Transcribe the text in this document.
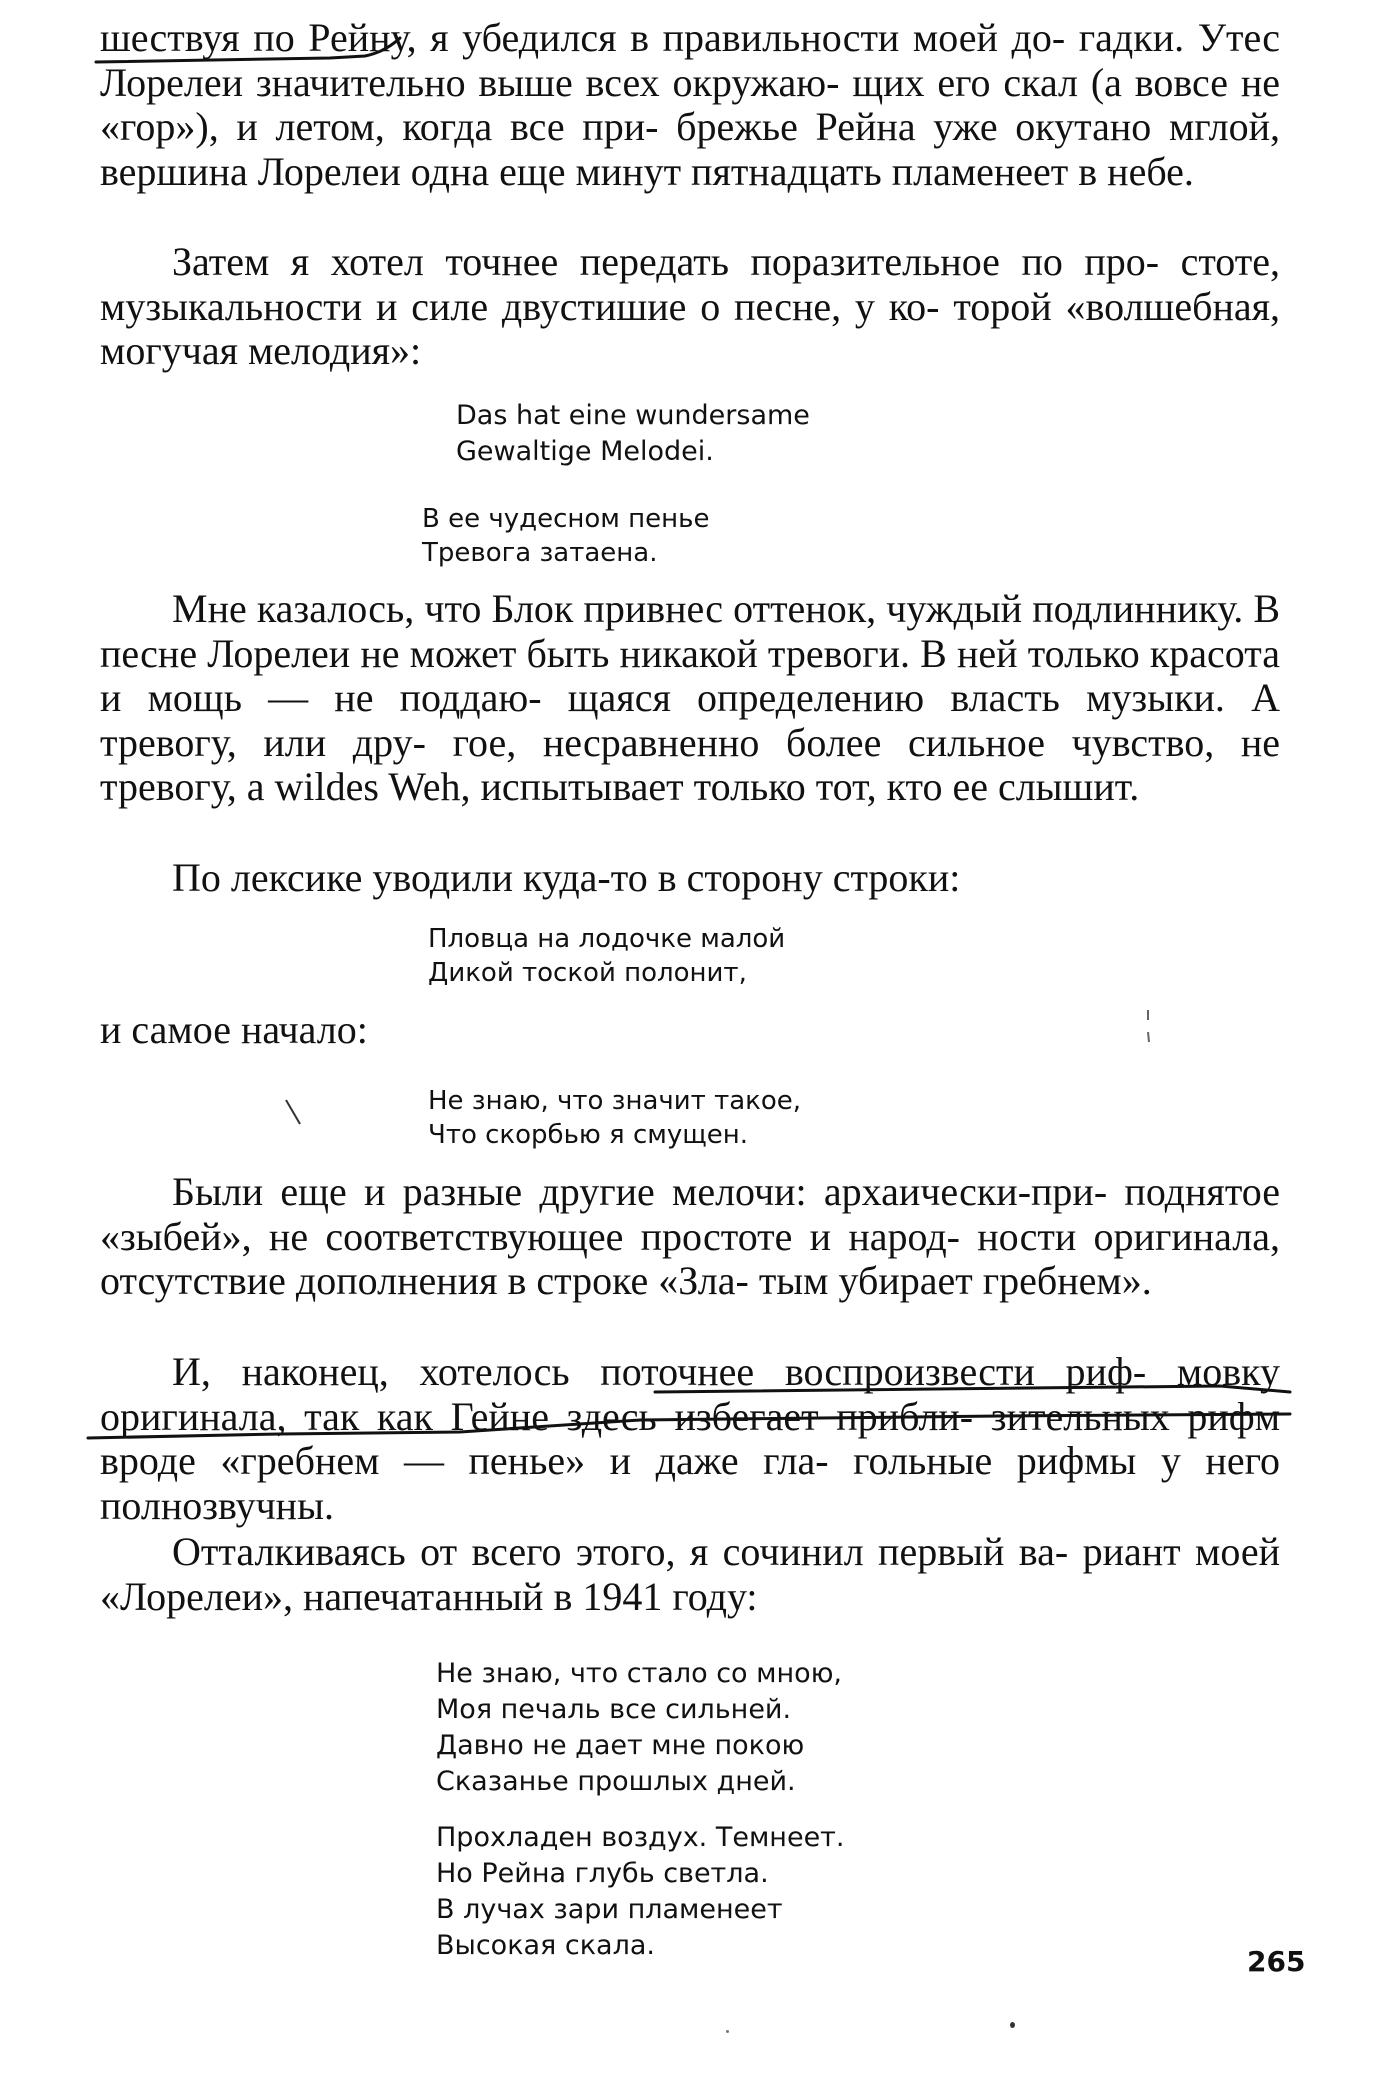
шествуя по Рейну, я убедился в правильности моей до- гадки. Утес Лорелеи значительно выше всех окружаю- щих его скал (а вовсе не «гор»), и летом, когда все при- брежье Рейна уже окутано мглой, вершина Лорелеи одна еще минут пятнадцать пламенеет в небе.

Затем я хотел точнее передать поразительное по про- стоте, музыкальности и силе двустишие о песне, у ко- торой «волшебная, могучая мелодия»:

Das hat eine wundersame
Gewaltige Melodei.
В ее чудесном пенье
Тревога затаена.

Мне казалось, что Блок привнес оттенок, чуждый подлиннику. В песне Лорелеи не может быть никакой тревоги. В ней только красота и мощь — не поддаю- щаяся определению власть музыки. А тревогу, или дру- гое, несравненно более сильное чувство, не тревогу, а wildes Weh, испытывает только тот, кто ее слышит.

По лексике уводили куда-то в сторону строки:

Пловца на лодочке малой
Дикой тоской полонит,

и самое начало:

Не знаю, что значит такое,
Что скорбью я смущен.

Были еще и разные другие мелочи: архаически-при- поднятое «зыбей», не соответствующее простоте и народ- ности оригинала, отсутствие дополнения в строке «Зла- тым убирает гребнем».

И, наконец, хотелось поточнее воспроизвести риф- мовку оригинала, так как Гейне здесь избегает прибли- зительных рифм вроде «гребнем — пенье» и даже гла- гольные рифмы у него полнозвучны.

Отталкиваясь от всего этого, я сочинил первый ва- риант моей «Лорелеи», напечатанный в 1941 году:

Не знаю, что стало со мною,
Моя печаль все сильней.
Давно не дает мне покою
Сказанье прошлых дней.
Прохладен воздух. Темнеет.
Но Рейна глубь светла.
В лучах зари пламенеет
Высокая скала.	265
